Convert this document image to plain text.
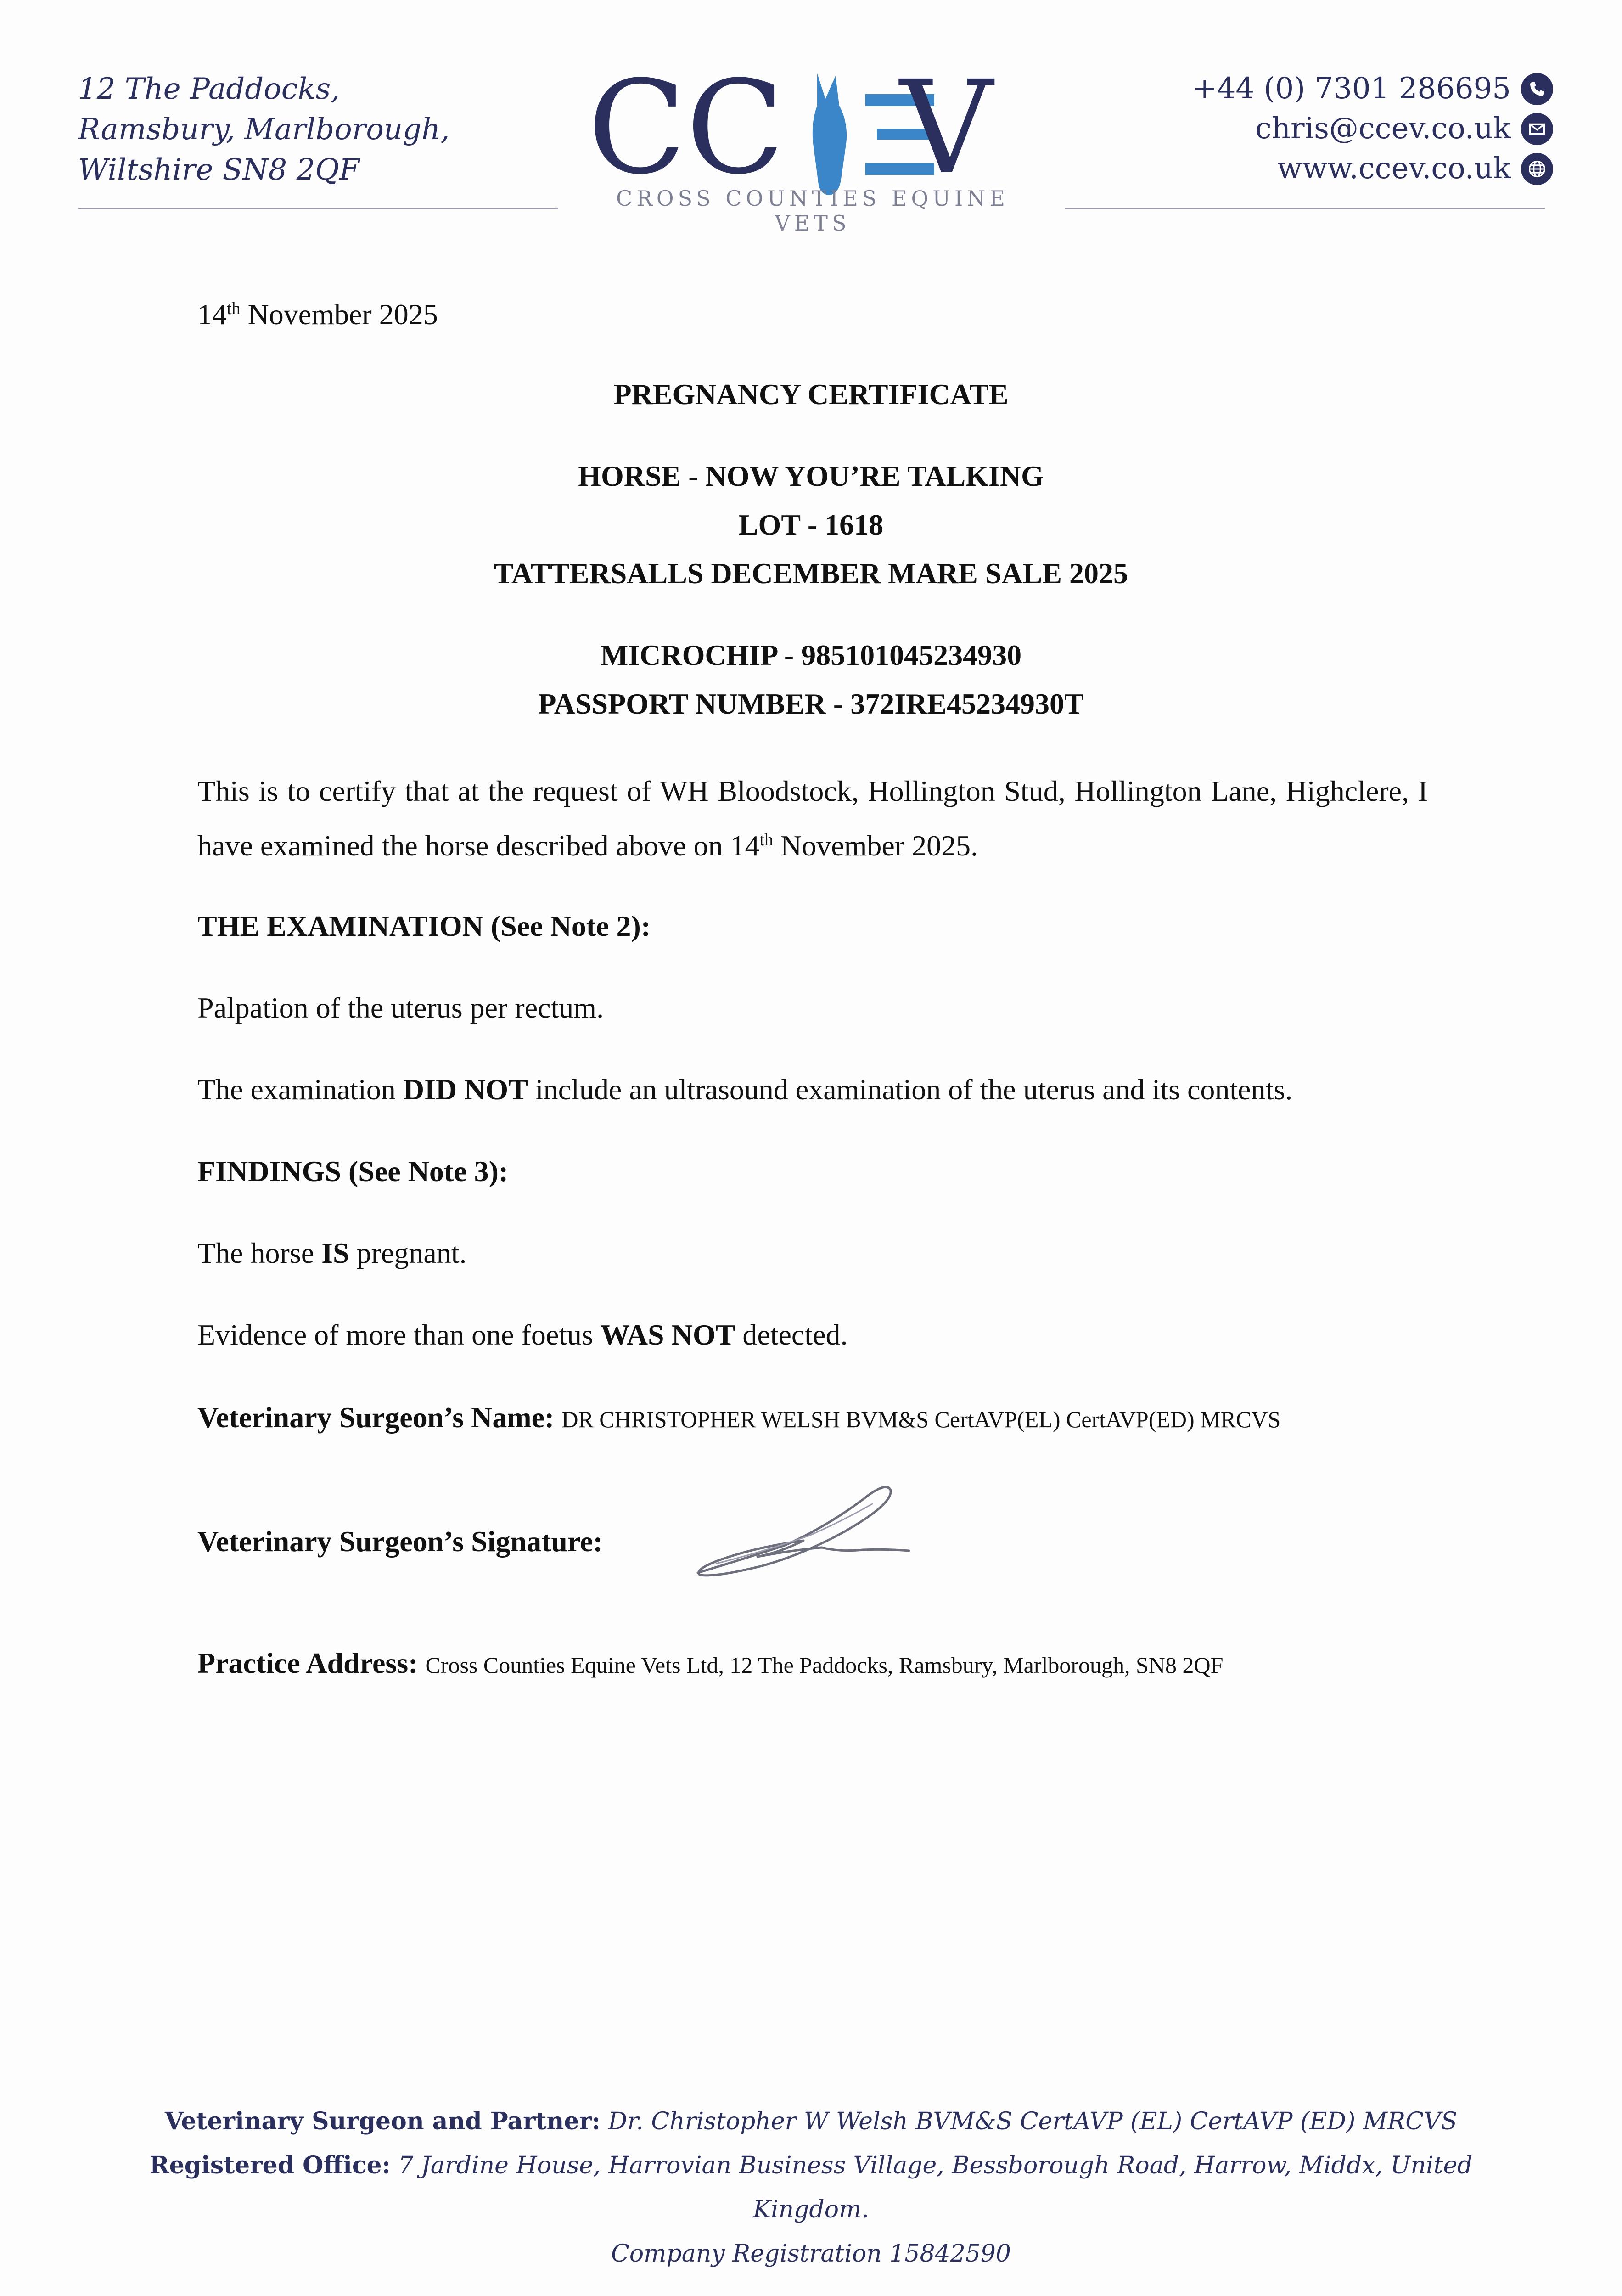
12 The Paddocks,
Ramsbury, Marlborough,
Wiltshire SN8 2QF	CC V
CROSS COUNTIES EQUINE VETS
+44 (0) 7301 286695
chris@ccev.co.uk
www.ccev.co.uk
14th November 2025
PREGNANCY CERTIFICATE
HORSE - NOW YOU’RE TALKING
LOT - 1618
TATTERSALLS DECEMBER MARE SALE 2025
MICROCHIP - 985101045234930
PASSPORT NUMBER - 372IRE45234930T
This is to certify that at the request of WH Bloodstock, Hollington Stud, Hollington Lane, Highclere, I have examined the horse described above on 14th November 2025.
THE EXAMINATION (See Note 2):
Palpation of the uterus per rectum.
The examination DID NOT include an ultrasound examination of the uterus and its contents.
FINDINGS (See Note 3):
The horse IS pregnant.
Evidence of more than one foetus WAS NOT detected.
Veterinary Surgeon’s Name: DR CHRISTOPHER WELSH BVM&S CertAVP(EL) CertAVP(ED) MRCVS
Veterinary Surgeon’s Signature:
Practice Address: Cross Counties Equine Vets Ltd, 12 The Paddocks, Ramsbury, Marlborough, SN8 2QF
Veterinary Surgeon and Partner: Dr. Christopher W Welsh BVM&S CertAVP (EL) CertAVP (ED) MRCVS
Registered Office: 7 Jardine House, Harrovian Business Village, Bessborough Road, Harrow, Middx, United Kingdom.
Company Registration 15842590
